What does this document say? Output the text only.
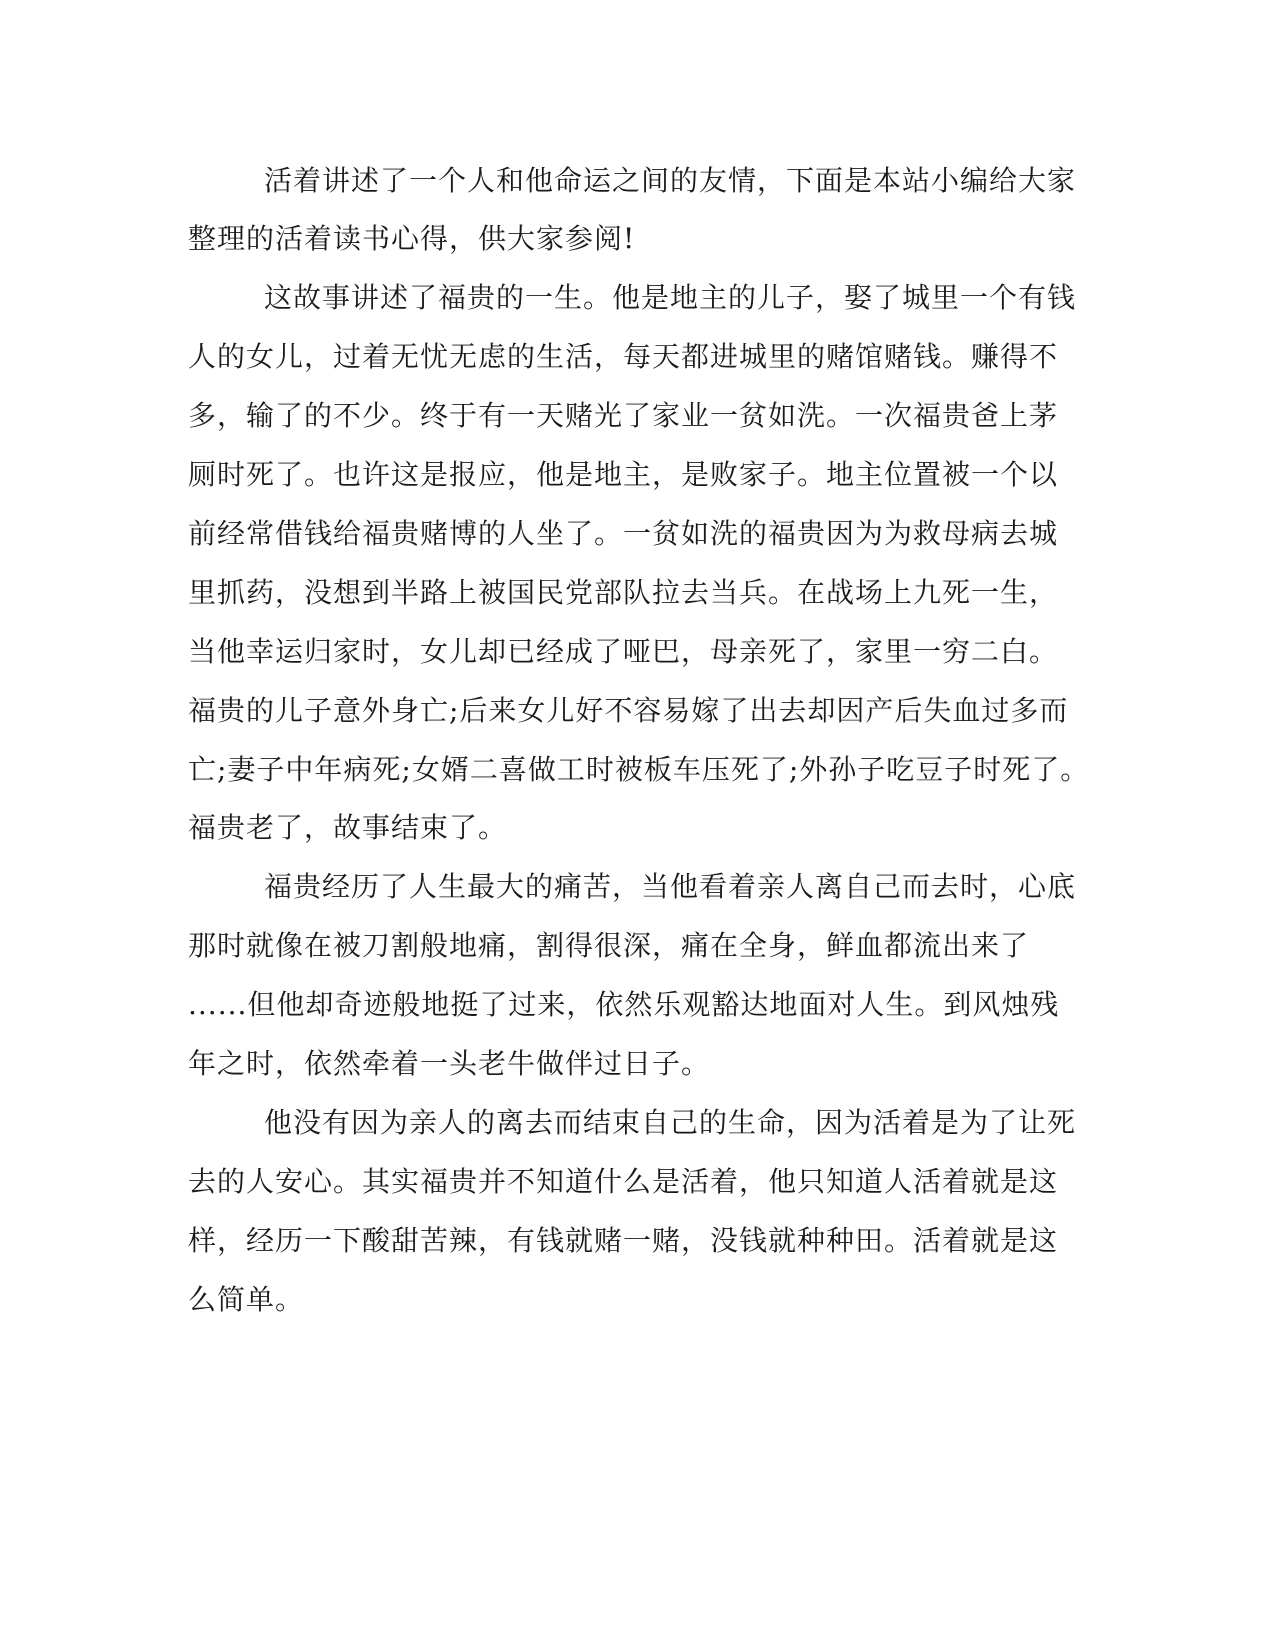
活着讲述了一个人和他命运之间的友情，下面是本站小编给大家
整理的活着读书心得，供大家参阅!
这故事讲述了福贵的一生。他是地主的儿子，娶了城里一个有钱
人的女儿，过着无忧无虑的生活，每天都进城里的赌馆赌钱。赚得不
多，输了的不少。终于有一天赌光了家业一贫如洗。一次福贵爸上茅
厕时死了。也许这是报应，他是地主，是败家子。地主位置被一个以
前经常借钱给福贵赌博的人坐了。一贫如洗的福贵因为为救母病去城
里抓药，没想到半路上被国民党部队拉去当兵。在战场上九死一生，
当他幸运归家时，女儿却已经成了哑巴，母亲死了，家里一穷二白。
福贵的儿子意外身亡;后来女儿好不容易嫁了出去却因产后失血过多而
亡;妻子中年病死;女婿二喜做工时被板车压死了;外孙子吃豆子时死了。
福贵老了，故事结束了。
福贵经历了人生最大的痛苦，当他看着亲人离自己而去时，心底
那时就像在被刀割般地痛，割得很深，痛在全身，鲜血都流出来了
......但他却奇迹般地挺了过来，依然乐观豁达地面对人生。到风烛残
年之时，依然牵着一头老牛做伴过日子。
他没有因为亲人的离去而结束自己的生命，因为活着是为了让死
去的人安心。其实福贵并不知道什么是活着，他只知道人活着就是这
样，经历一下酸甜苦辣，有钱就赌一赌，没钱就种种田。活着就是这
么简单。
